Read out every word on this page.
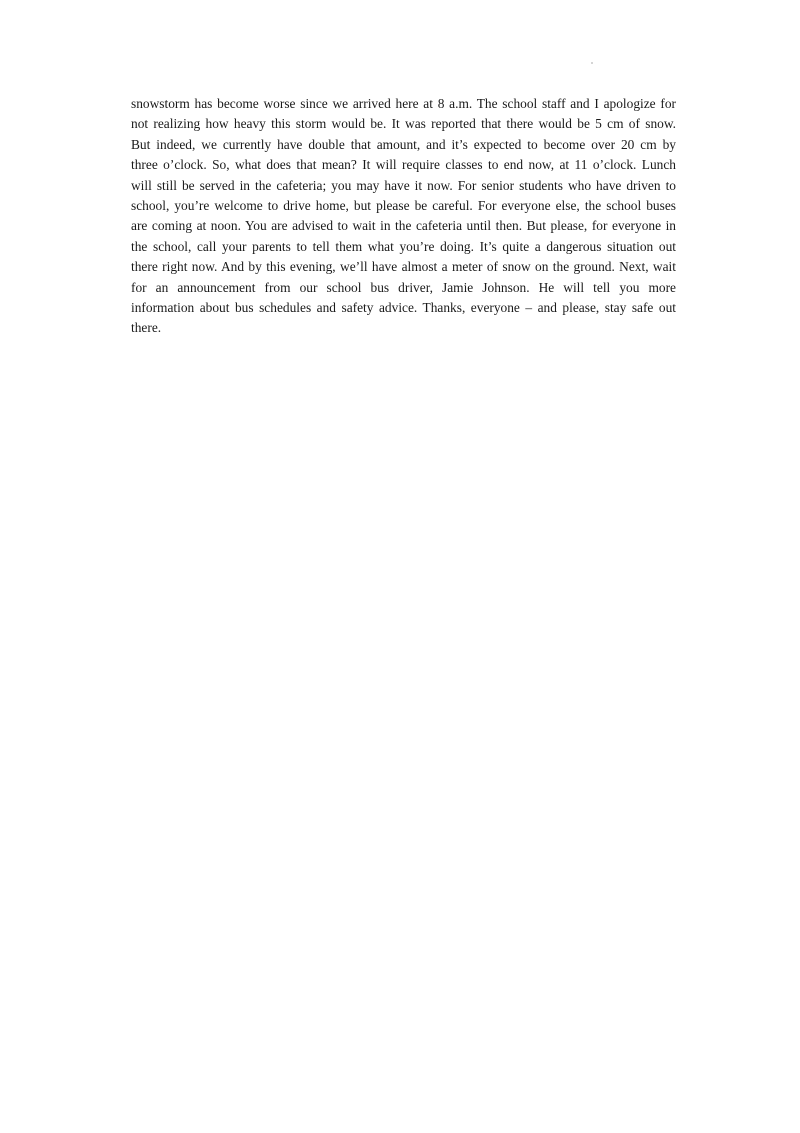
snowstorm has become worse since we arrived here at 8 a.m. The school staff and I apologize for
not realizing how heavy this storm would be. It was reported that there would be 5 cm of snow.
But indeed, we currently have double that amount, and it’s expected to become over 20 cm by
three o’clock. So, what does that mean? It will require classes to end now, at 11 o’clock. Lunch
will still be served in the cafeteria; you may have it now. For senior students who have driven to
school, you’re welcome to drive home, but please be careful. For everyone else, the school buses
are coming at noon. You are advised to wait in the cafeteria until then. But please, for everyone in
the school, call your parents to tell them what you’re doing. It’s quite a dangerous situation out
there right now. And by this evening, we’ll have almost a meter of snow on the ground. Next, wait
for an announcement from our school bus driver, Jamie Johnson. He will tell you more
information about bus schedules and safety advice. Thanks, everyone – and please, stay safe out
there.
